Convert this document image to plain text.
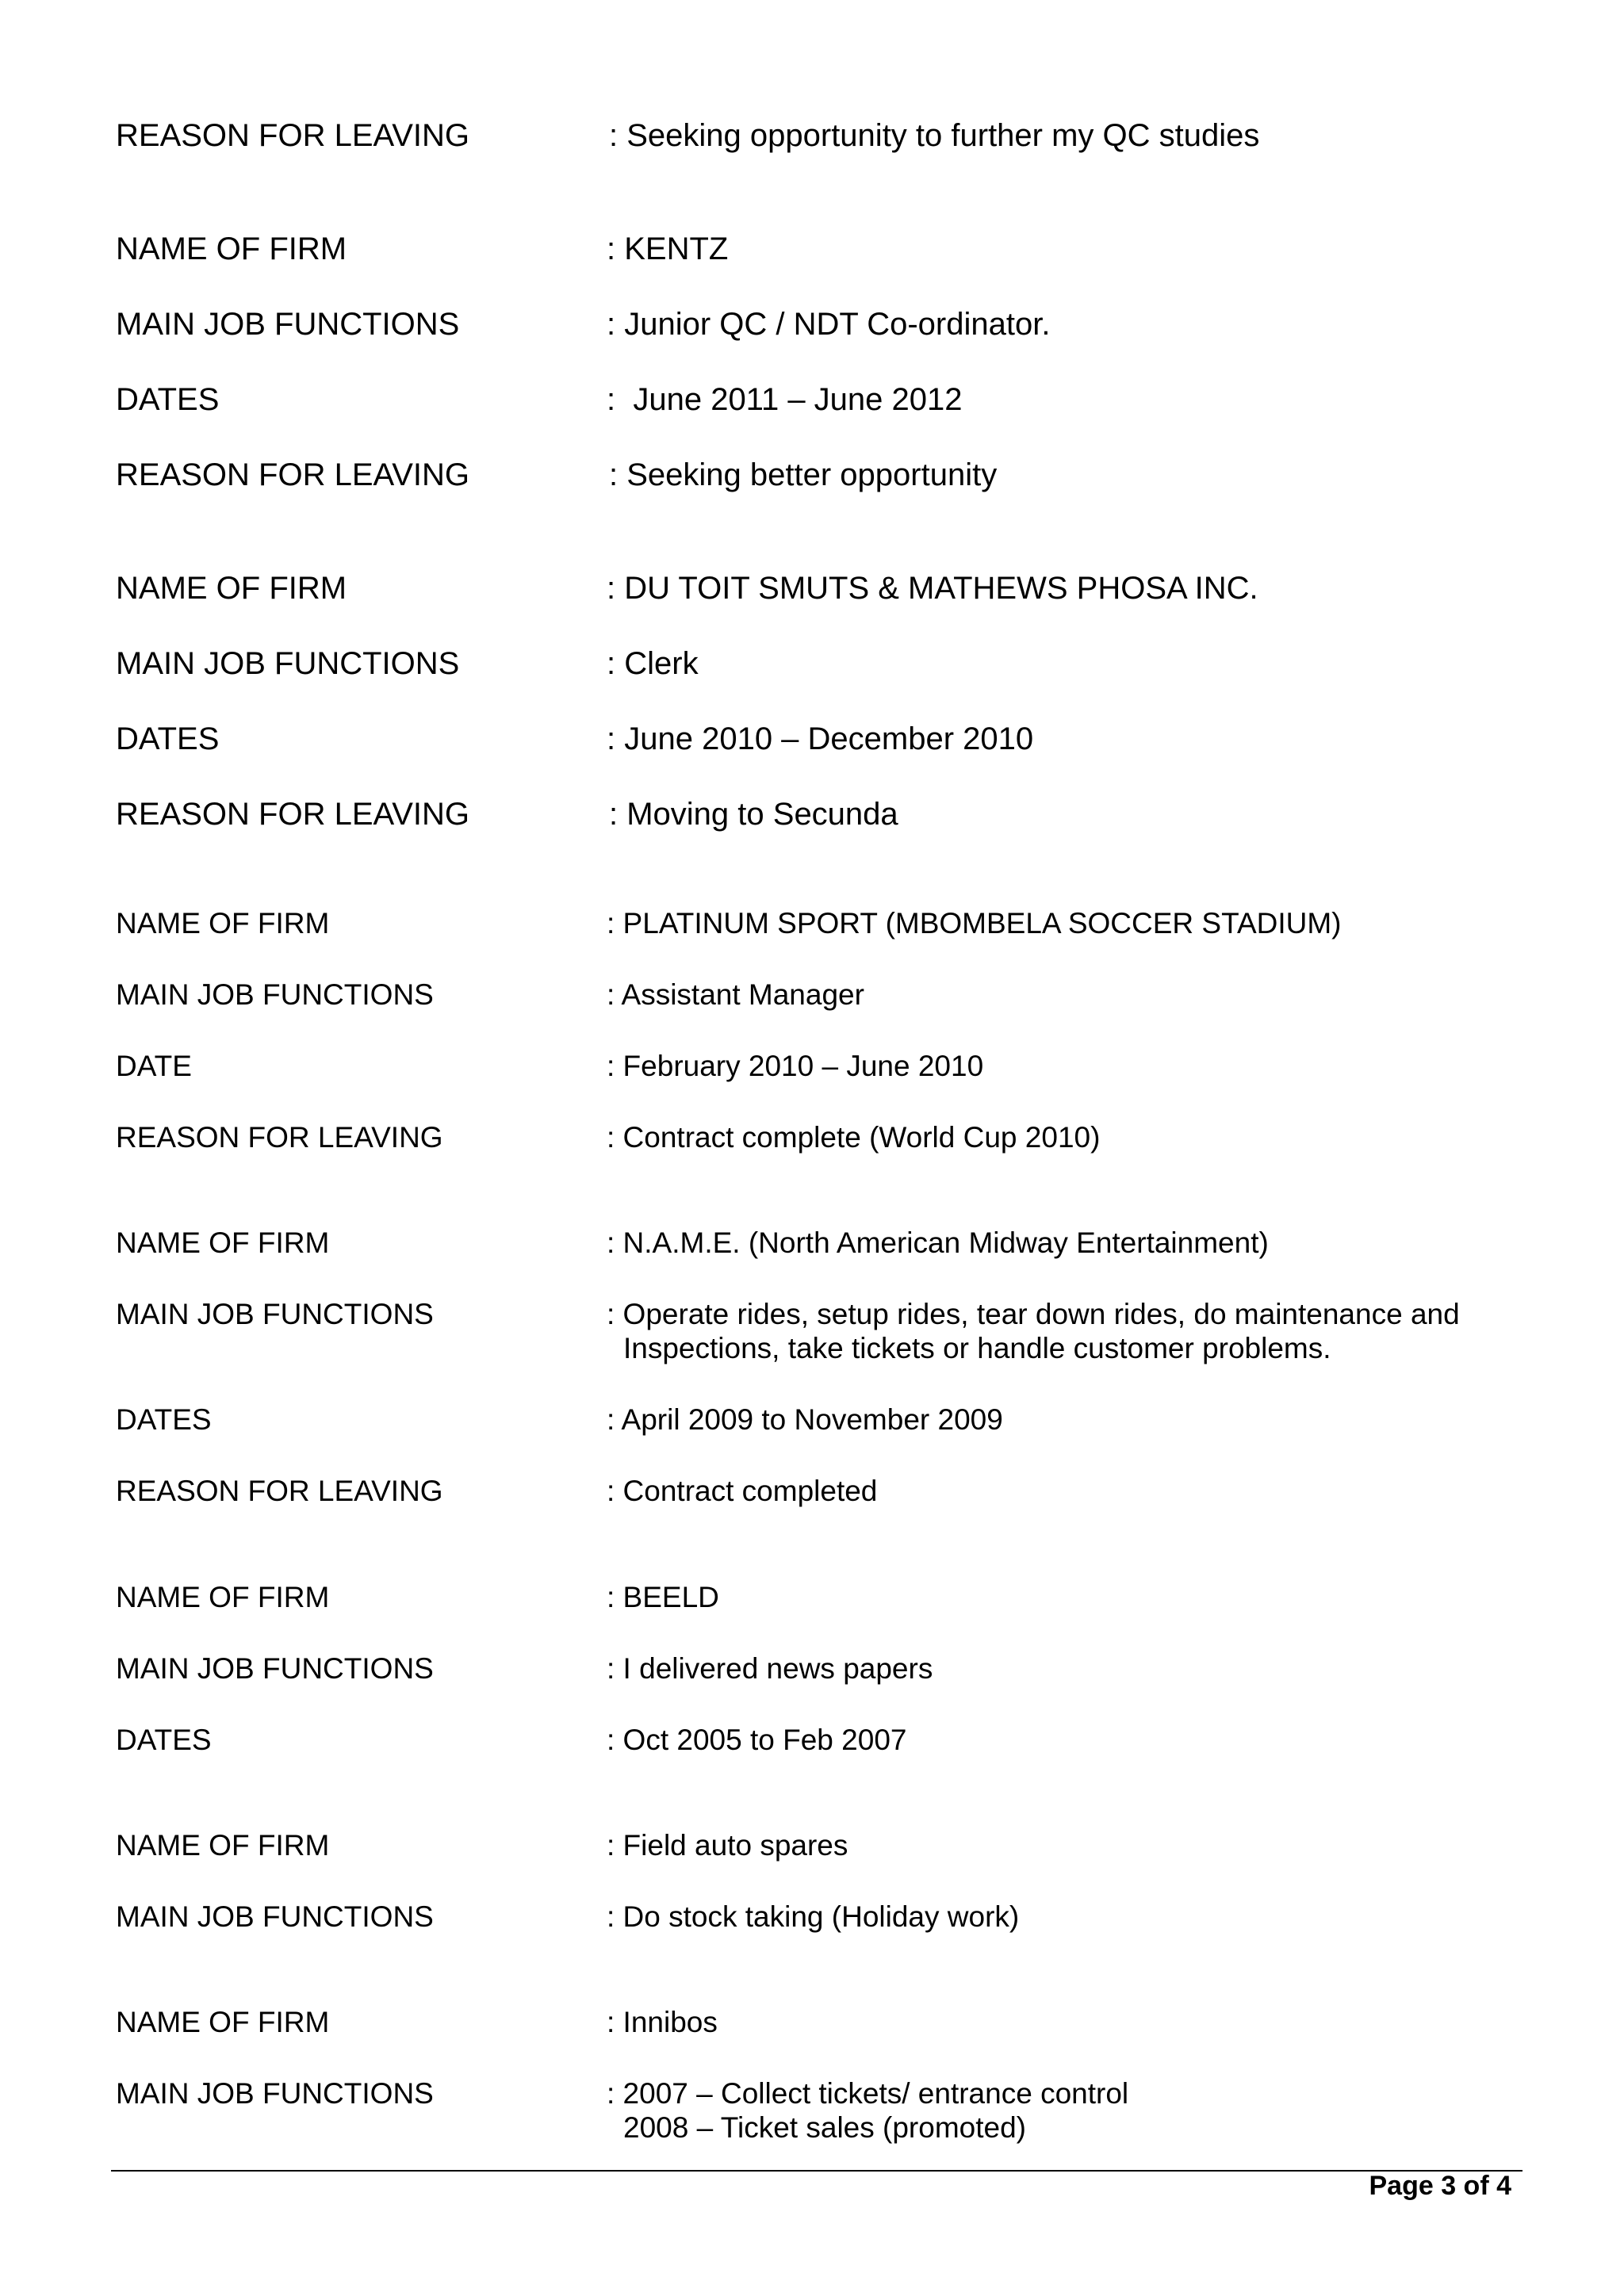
REASON FOR LEAVING	: Seeking opportunity to further my QC studies
NAME OF FIRM	: KENTZ
MAIN JOB FUNCTIONS	: Junior QC / NDT Co-ordinator.
DATES	:  June 2011 – June 2012
REASON FOR LEAVING	: Seeking better opportunity
NAME OF FIRM	: DU TOIT SMUTS & MATHEWS PHOSA INC.
MAIN JOB FUNCTIONS	: Clerk
DATES	: June 2010 – December 2010
REASON FOR LEAVING	: Moving to Secunda
NAME OF FIRM	: PLATINUM SPORT (MBOMBELA SOCCER STADIUM)
MAIN JOB FUNCTIONS	: Assistant Manager
DATE	: February 2010 – June 2010
REASON FOR LEAVING	: Contract complete (World Cup 2010)
NAME OF FIRM	: N.A.M.E. (North American Midway Entertainment)
MAIN JOB FUNCTIONS	: Operate rides, setup rides, tear down rides, do maintenance and
Inspections, take tickets or handle customer problems.
DATES	: April 2009 to November 2009
REASON FOR LEAVING	: Contract completed
NAME OF FIRM	: BEELD
MAIN JOB FUNCTIONS	: I delivered news papers
DATES	: Oct 2005 to Feb 2007
NAME OF FIRM	: Field auto spares
MAIN JOB FUNCTIONS	: Do stock taking (Holiday work)
NAME OF FIRM	: Innibos
MAIN JOB FUNCTIONS	: 2007 – Collect tickets/ entrance control
2008 – Ticket sales (promoted)
Page 3 of 4
